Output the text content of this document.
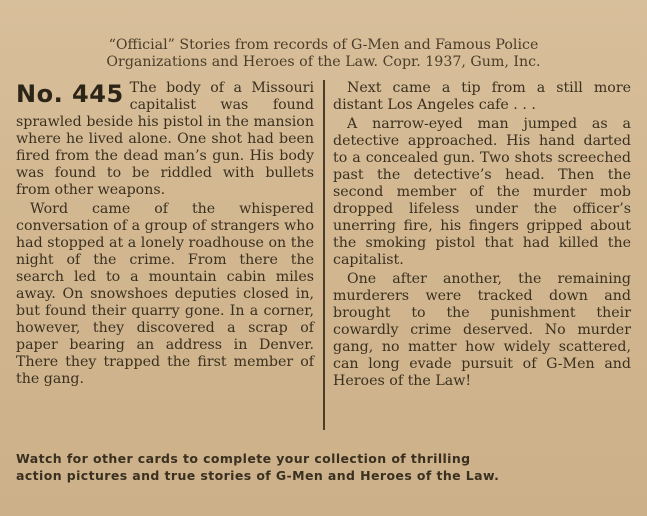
“Official” Stories from records of G-Men and Famous Police
Organizations and Heroes of the Law. Copr. 1937, Gum, Inc.
No. 445 The body of a Missouri capitalist was found sprawled beside his pistol in the mansion where he lived alone. One shot had been fired from the dead man’s gun. His body was found to be riddled with bullets from other weapons.

Word came of the whispered conversation of a group of strangers who had stopped at a lonely roadhouse on the night of the crime. From there the search led to a mountain cabin miles away. On snowshoes deputies closed in, but found their quarry gone. In a corner, however, they discovered a scrap of paper bearing an address in Denver. There they trapped the first member of the gang.

Next came a tip from a still more distant Los Angeles cafe . . .

A narrow-eyed man jumped as a detective approached. His hand darted to a concealed gun. Two shots screeched past the detective’s head. Then the second member of the murder mob dropped lifeless under the officer’s unerring fire, his fingers gripped about the smoking pistol that had killed the capitalist.

One after another, the remaining murderers were tracked down and brought to the punishment their cowardly crime deserved. No murder gang, no matter how widely scattered, can long evade pursuit of G-Men and Heroes of the Law!

Watch for other cards to complete your collection of thrilling
action pictures and true stories of G-Men and Heroes of the Law.
